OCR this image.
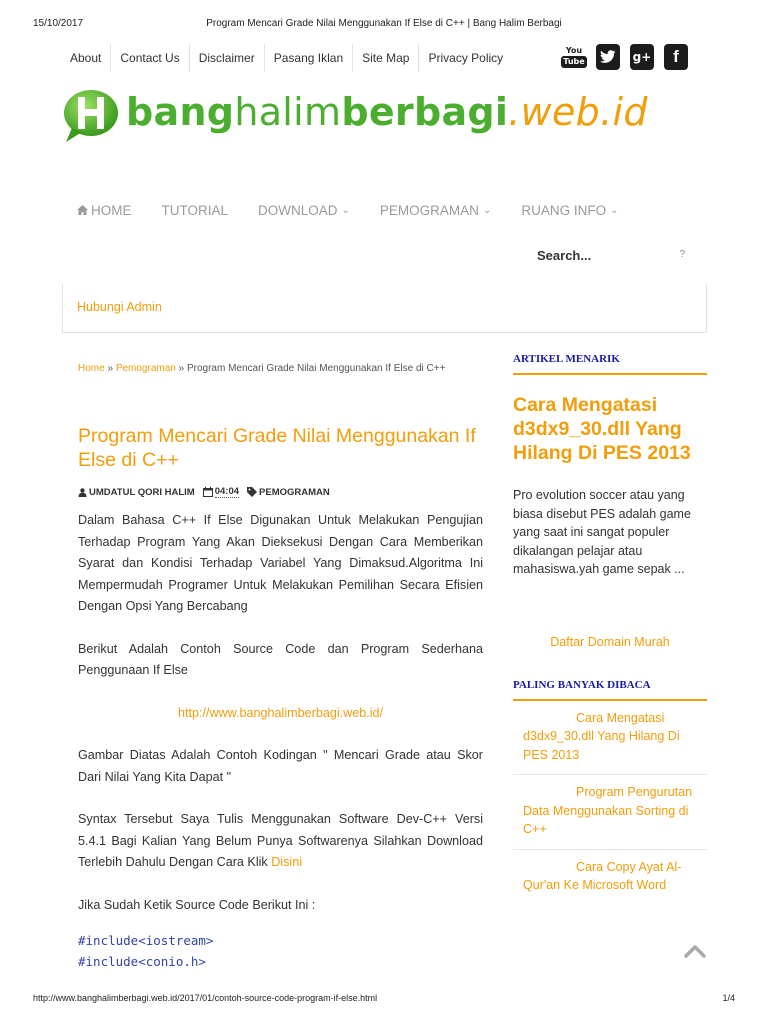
15/10/2017	Program Mencari Grade Nilai Menggunakan If Else di C++ | Bang Halim Berbagi
About	Contact Us	Disclaimer	Pasang Iklan	Site Map	Privacy Policy
You
Tube	g+ f
banghalimberbagi.web.id
HOME TUTORIAL DOWNLOAD ⌄ PEMOGRAMAN ⌄ RUANG INFO ⌄
Search...	?
Hubungi Admin
Home » Pemograman » Program Mencari Grade Nilai Menggunakan If Else di C++
Program Mencari Grade Nilai Menggunakan If Else di C++
UMDATUL QORI HALIM 04:04 PEMOGRAMAN

Dalam Bahasa C++ If Else Digunakan Untuk Melakukan Pengujian Terhadap Program Yang Akan Dieksekusi Dengan Cara Memberikan Syarat dan Kondisi Terhadap Variabel Yang Dimaksud.Algoritma Ini Mempermudah Programer Untuk Melakukan Pemilihan Secara Efisien Dengan Opsi Yang Bercabang

Berikut Adalah Contoh Source Code dan Program Sederhana Penggunaan If Else

http://www.banghalimberbagi.web.id/

Gambar Diatas Adalah Contoh Kodingan " Mencari Grade atau Skor Dari Nilai Yang Kita Dapat "

Syntax Tersebut Saya Tulis Menggunakan Software Dev-C++ Versi 5.4.1 Bagi Kalian Yang Belum Punya Softwarenya Silahkan Download Terlebih Dahulu Dengan Cara Klik Disini

Jika Sudah Ketik Source Code Berikut Ini :

#include<iostream>

#include<conio.h>

ARTIKEL MENARIK
Cara Mengatasi d3dx9_30.dll Yang Hilang Di PES 2013
Pro evolution soccer atau yang biasa disebut PES adalah game yang saat ini sangat populer dikalangan pelajar atau mahasiswa.yah game sepak ...
Daftar Domain Murah
PALING BANYAK DIBACA
Cara Mengatasi d3dx9_30.dll Yang Hilang Di PES 2013
Program Pengurutan Data Menggunakan Sorting di C++
Cara Copy Ayat Al-Qur'an Ke Microsoft Word
http://www.banghalimberbagi.web.id/2017/01/contoh-source-code-program-if-else.html	1/4
